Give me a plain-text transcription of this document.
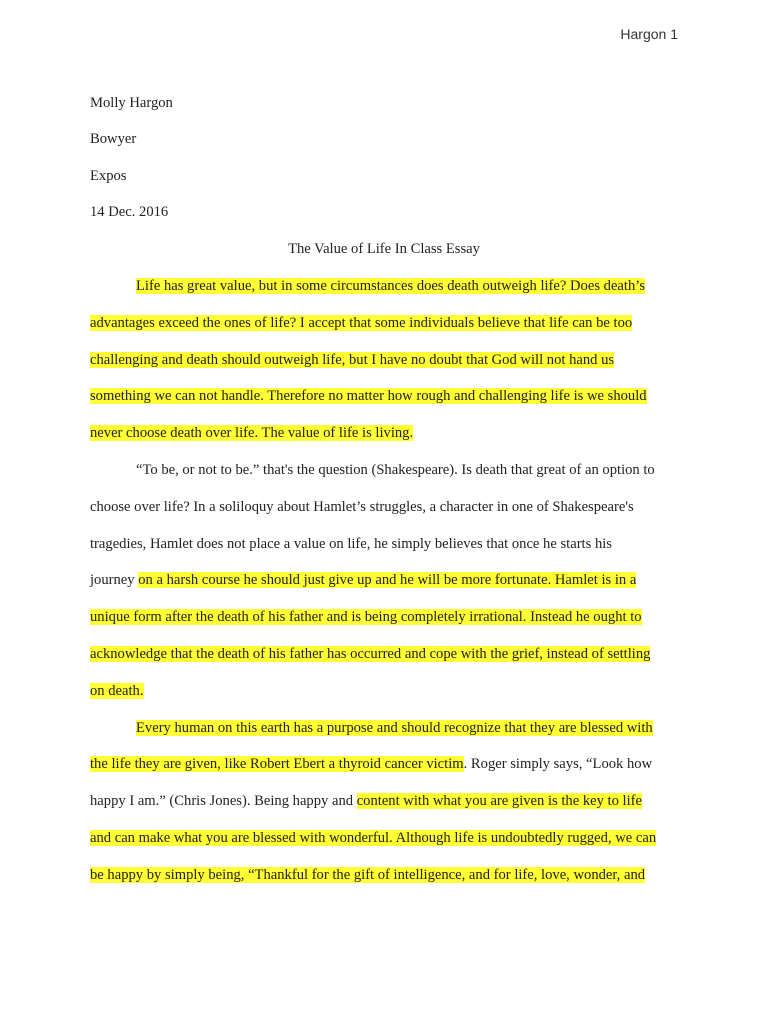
Hargon 1
Molly Hargon
Bowyer
Expos
14 Dec. 2016
The Value of Life In Class Essay
Life has great value, but in some circumstances does death outweigh life? Does death’s
advantages exceed the ones of life? I accept that some individuals believe that life can be too
challenging and death should outweigh life, but I have no doubt that God will not hand us
something we can not handle. Therefore no matter how rough and challenging life is we should
never choose death over life. The value of life is living.
“To be, or not to be.” that's the question (Shakespeare). Is death that great of an option to
choose over life? In a soliloquy about Hamlet’s struggles, a character in one of Shakespeare's
tragedies, Hamlet does not place a value on life, he simply believes that once he starts his
journey on a harsh course he should just give up and he will be more fortunate. Hamlet is in a
unique form after the death of his father and is being completely irrational. Instead he ought to
acknowledge that the death of his father has occurred and cope with the grief, instead of settling
on death.
Every human on this earth has a purpose and should recognize that they are blessed with
the life they are given, like Robert Ebert a thyroid cancer victim. Roger simply says, “Look how
happy I am.” (Chris Jones). Being happy and content with what you are given is the key to life
and can make what you are blessed with wonderful. Although life is undoubtedly rugged, we can
be happy by simply being, “Thankful for the gift of intelligence, and for life, love, wonder, and
